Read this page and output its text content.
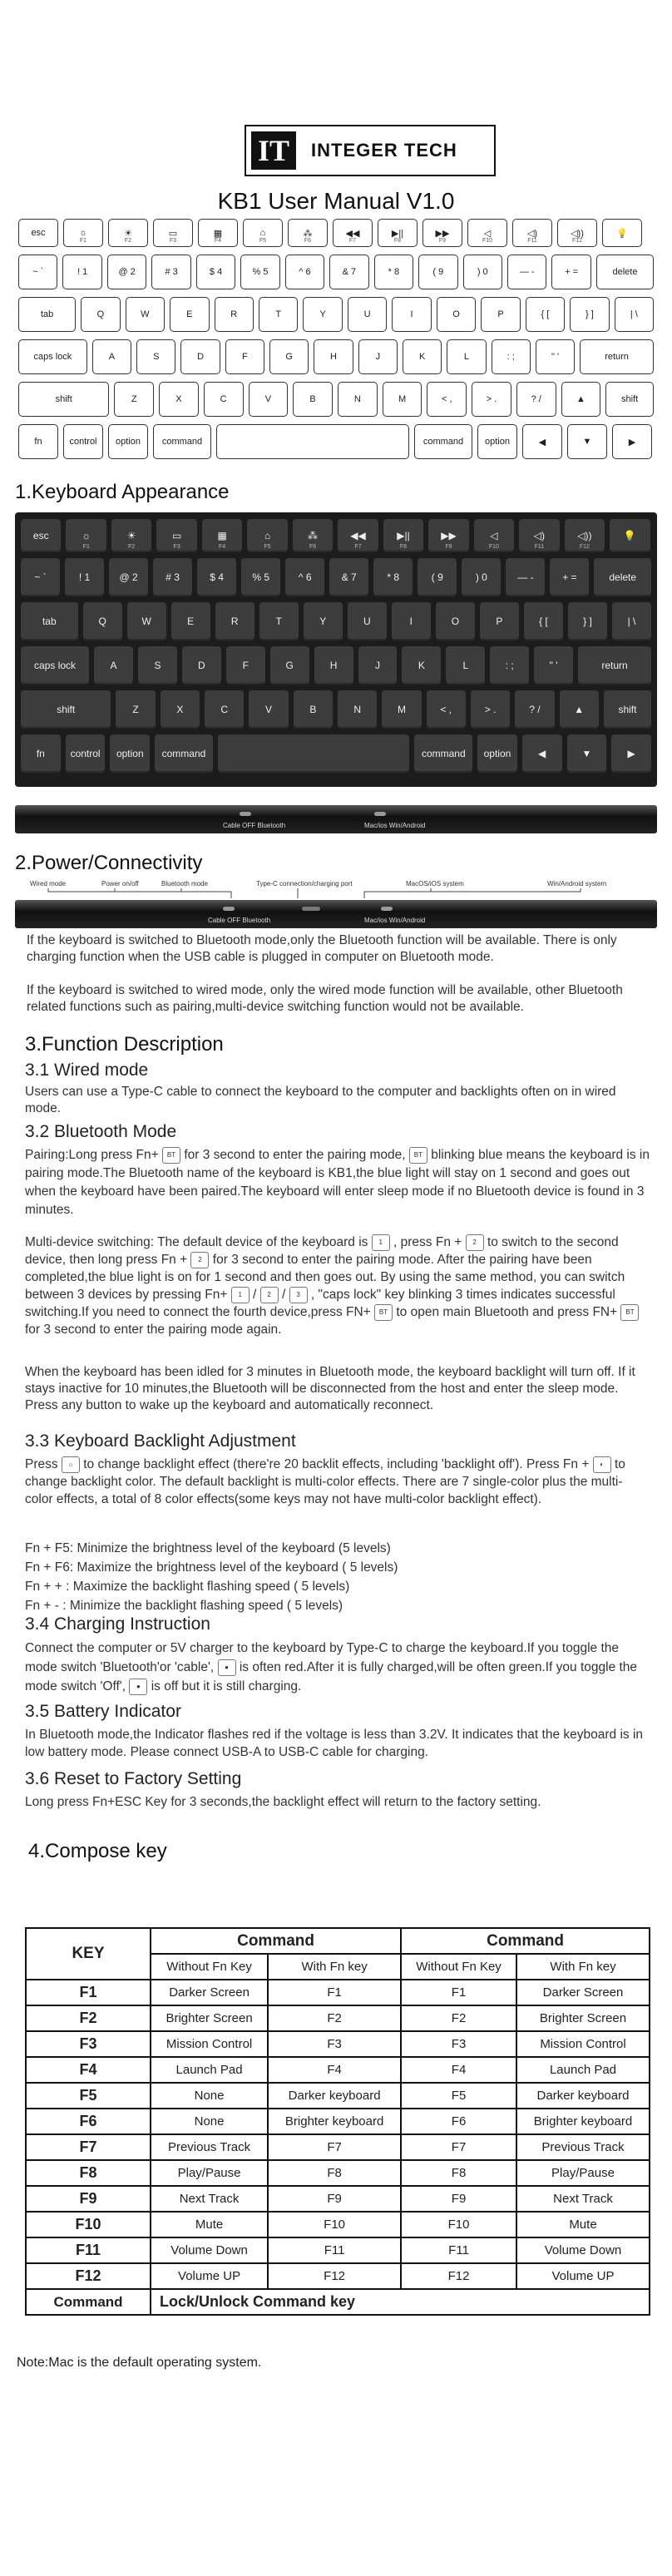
IT	INTEGER TECH
KB1 User Manual V1.0
esc	☼
F1
☀
F2
▭
F3
▦
F4
⌂
F5
⁂
F6
◀◀
F7
▶||
F8
▶▶
F9
◁
F10
◁)
F11
◁))
F12
💡
~ `	! 1	@ 2	# 3	$ 4	% 5	^ 6	& 7	* 8	( 9	) 0	— -	+ =	delete
tab	Q	W	E	R	T	Y	U	I	O	P	{ [	} ]	| \
caps lock	A	S	D	F	G	H	J	K	L	: ;	" '	return
shift	Z	X	C	V	B	N	M	< ,	> .	? /	▲	shift
fn	control option command	command option	◀	▼	▶
1.Keyboard Appearance
esc	☼
F1
☀
F2
▭
F3
▦
F4
⌂
F5
⁂
F6
◀◀
F7
▶||
F8
▶▶
F9
◁
F10
◁)
F11
◁))
F12
💡
~ `	! 1	@ 2	# 3	$ 4	% 5	^ 6	& 7	* 8	( 9	) 0	— -	+ =	delete
tab	Q	W	E	R	T	Y	U	I	O	P	{ [	} ]	| \
caps lock	A	S	D	F	G	H	J	K	L	: ;	" '	return
shift	Z	X	C	V	B	N	M	< ,	> .	? /	▲	shift
fn	control option command	command option	◀	▼	▶
Cable OFF Bluetooth	Mac/ios Win/Android
2.Power/Connectivity
Wired mode	Power on/off	Bluetooth mode	Type-C connection/charging port	MacOS/iOS system	Win/Android system
Cable OFF Bluetooth	Mac/ios Win/Android
If the keyboard is switched to Bluetooth mode,only the Bluetooth function will be available. There is only charging function when the USB cable is plugged in computer on Bluetooth mode.
If the keyboard is switched to wired mode, only the wired mode function will be available, other Bluetooth related functions such as pairing,multi-device switching function would not be available.
3.Function Description
3.1 Wired mode
Users can use a Type-C cable to connect the keyboard to the computer and backlights often on in wired mode.
3.2 Bluetooth Mode
Pairing:Long press Fn+ BT for 3 second to enter the pairing mode, BT blinking blue means the keyboard is in pairing mode.The Bluetooth name of the keyboard is KB1,the blue light will stay on 1 second and goes out when the keyboard have been paired.The keyboard will enter sleep mode if no Bluetooth device is found in 3 minutes.
Multi-device switching: The default device of the keyboard is 1 , press Fn + 2 to switch to the second device, then long press Fn + 2 for 3 second to enter the pairing mode. After the pairing have been completed,the blue light is on for 1 second and then goes out. By using the same method, you can switch between 3 devices by pressing Fn+ 1 / 2 / 3 , "caps lock" key blinking 3 times indicates successful switching.If you need to connect the fourth device,press FN+ BT to open main Bluetooth and press FN+ BT for 3 second to enter the pairing mode again.
When the keyboard has been idled for 3 minutes in Bluetooth mode, the keyboard backlight will turn off. If it stays inactive for 10 minutes,the Bluetooth will be disconnected from the host and enter the sleep mode. Press any button to wake up the keyboard and automatically reconnect.
3.3 Keyboard Backlight Adjustment
Press ☼ to change backlight effect (there're 20 backlit effects, including 'backlight off'). Press Fn + ◐ to change backlight color. The default backlight is multi-color effects. There are 7 single-color plus the multi-color effects, a total of 8 color effects(some keys may not have multi-color backlight effect).
Fn + F5: Minimize the brightness level of the keyboard (5 levels)
Fn + F6: Maximize the brightness level of the keyboard ( 5 levels)
Fn + + : Maximize the backlight flashing speed ( 5 levels)
Fn + - : Minimize the backlight flashing speed ( 5 levels)
3.4 Charging Instruction
Connect the computer or 5V charger to the keyboard by Type-C to charge the keyboard.If you toggle the mode switch 'Bluetooth'or 'cable', ● is often red.After it is fully charged,will be often green.If you toggle the mode switch 'Off', ● is off but it is still charging.
3.5 Battery Indicator
In Bluetooth mode,the Indicator flashes red if the voltage is less than 3.2V. It indicates that the keyboard is in low battery mode. Please connect USB-A to USB-C cable for charging.
3.6 Reset to Factory Setting
Long press Fn+ESC Key for 3 seconds,the backlight effect will return to the factory setting.
4.Compose key
KEY	Command		Command	
	Without Fn Key	With Fn key	Without Fn Key	With Fn key
F1	Darker Screen	F1	F1	Darker Screen
F2	Brighter Screen	F2	F2	Brighter Screen
F3	Mission Control	F3	F3	Mission Control
F4	Launch Pad	F4	F4	Launch Pad
F5	None	Darker keyboard	F5	Darker keyboard
F6	None	Brighter keyboard	F6	Brighter keyboard
F7	Previous Track	F7	F7	Previous Track
F8	Play/Pause	F8	F8	Play/Pause
F9	Next Track	F9	F9	Next Track
F10	Mute	F10	F10	Mute
F11	Volume Down	F11	F11	Volume Down
F12	Volume UP	F12	F12	Volume UP
Command	Lock/Unlock Command key			
Note:Mac is the default operating system.
